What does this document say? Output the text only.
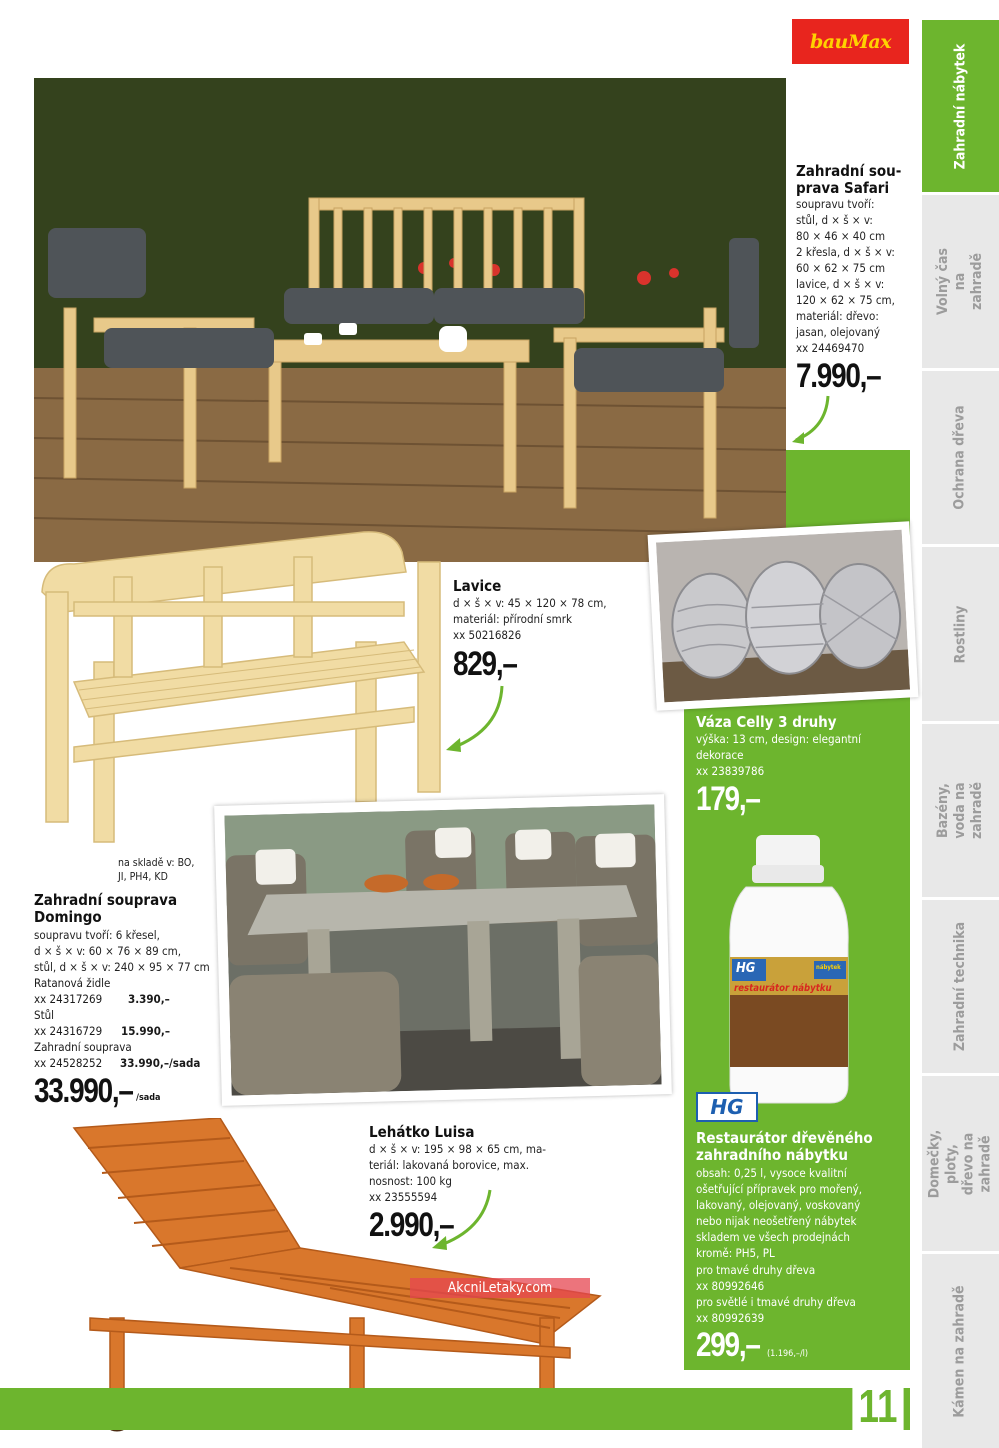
bauMax
Zahradní nábytek
Volný čas na zahradě
Ochrana dřeva
Rostliny
Bazény, voda na zahradě
Zahradní technika
Domečky, ploty, dřevo na zahradě
Kámen na zahradě
Váza Celly 3 druhy
výška: 13 cm, design: elegantní
dekorace
xx 23839786
179,–
HG	nábytek
restaurátor nábytku
HG
Restaurátor dřevěného
zahradního nábytku
obsah: 0,25 l, vysoce kvalitní
ošetřující přípravek pro mořený,
lakovaný, olejovaný, voskovaný
nebo nijak neošetřený nábytek
skladem ve všech prodejnách
kromě: PH5, PL
pro tmavé druhy dřeva
xx 80992646
pro světlé i tmavé druhy dřeva
xx 80992639
299,– (1.196,–/l)
Zahradní sou-
prava Safari
soupravu tvoří:
stůl, d × š × v:
80 × 46 × 40 cm
2 křesla, d × š × v:
60 × 62 × 75 cm
lavice, d × š × v:
120 × 62 × 75 cm,
materiál: dřevo:
jasan, olejovaný
xx 24469470
7.990,–
Lavice
d × š × v: 45 × 120 × 78 cm,
materiál: přírodní smrk
xx 50216826
829,–
na skladě v: BO,
JI, PH4, KD
Zahradní souprava
Domingo
soupravu tvoří: 6 křesel,
d × š × v: 60 × 76 × 89 cm,
stůl, d × š × v: 240 × 95 × 77 cm
Ratanová židle
xx 24317269	3.390,–
Stůl
xx 24316729	15.990,–
Zahradní souprava
xx 24528252	33.990,–/sada
33.990,– /sada
Lehátko Luisa
d × š × v: 195 × 98 × 65 cm, ma-
teriál: lakovaná borovice, max.
nosnost: 100 kg
xx 23555594
2.990,–
AkcniLetaky.com
11
